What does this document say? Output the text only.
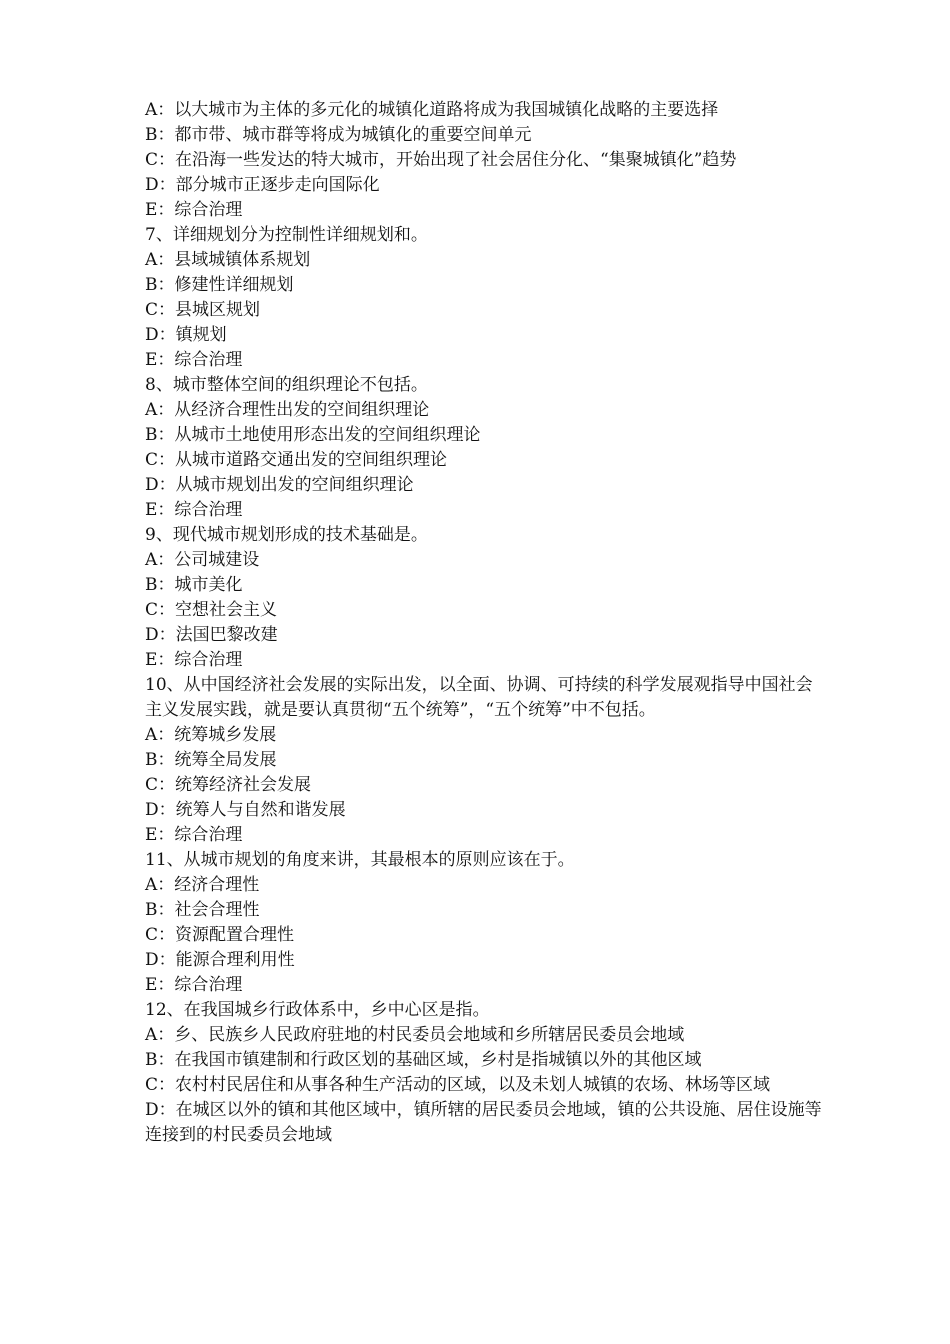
A：以大城市为主体的多元化的城镇化道路将成为我国城镇化战略的主要选择
B：都市带、城市群等将成为城镇化的重要空间单元
C：在沿海一些发达的特大城市，开始出现了社会居住分化、“集聚城镇化”趋势
D：部分城市正逐步走向国际化
E：综合治理
7、详细规划分为控制性详细规划和。
A：县域城镇体系规划
B：修建性详细规划
C：县城区规划
D：镇规划
E：综合治理
8、城市整体空间的组织理论不包括。
A：从经济合理性出发的空间组织理论
B：从城市土地使用形态出发的空间组织理论
C：从城市道路交通出发的空间组织理论
D：从城市规划出发的空间组织理论
E：综合治理
9、现代城市规划形成的技术基础是。
A：公司城建设
B：城市美化
C：空想社会主义
D：法国巴黎改建
E：综合治理
10、从中国经济社会发展的实际出发，以全面、协调、可持续的科学发展观指导中国社会主义发展实践，就是要认真贯彻“五个统筹”，“五个统筹”中不包括。
A：统筹城乡发展
B：统筹全局发展
C：统筹经济社会发展
D：统筹人与自然和谐发展
E：综合治理
11、从城市规划的角度来讲，其最根本的原则应该在于。
A：经济合理性
B：社会合理性
C：资源配置合理性
D：能源合理利用性
E：综合治理
12、在我国城乡行政体系中，乡中心区是指。
A：乡、民族乡人民政府驻地的村民委员会地域和乡所辖居民委员会地域
B：在我国市镇建制和行政区划的基础区域，乡村是指城镇以外的其他区域
C：农村村民居住和从事各种生产活动的区域，以及未划人城镇的农场、林场等区域
D：在城区以外的镇和其他区域中，镇所辖的居民委员会地域，镇的公共设施、居住设施等连接到的村民委员会地域
